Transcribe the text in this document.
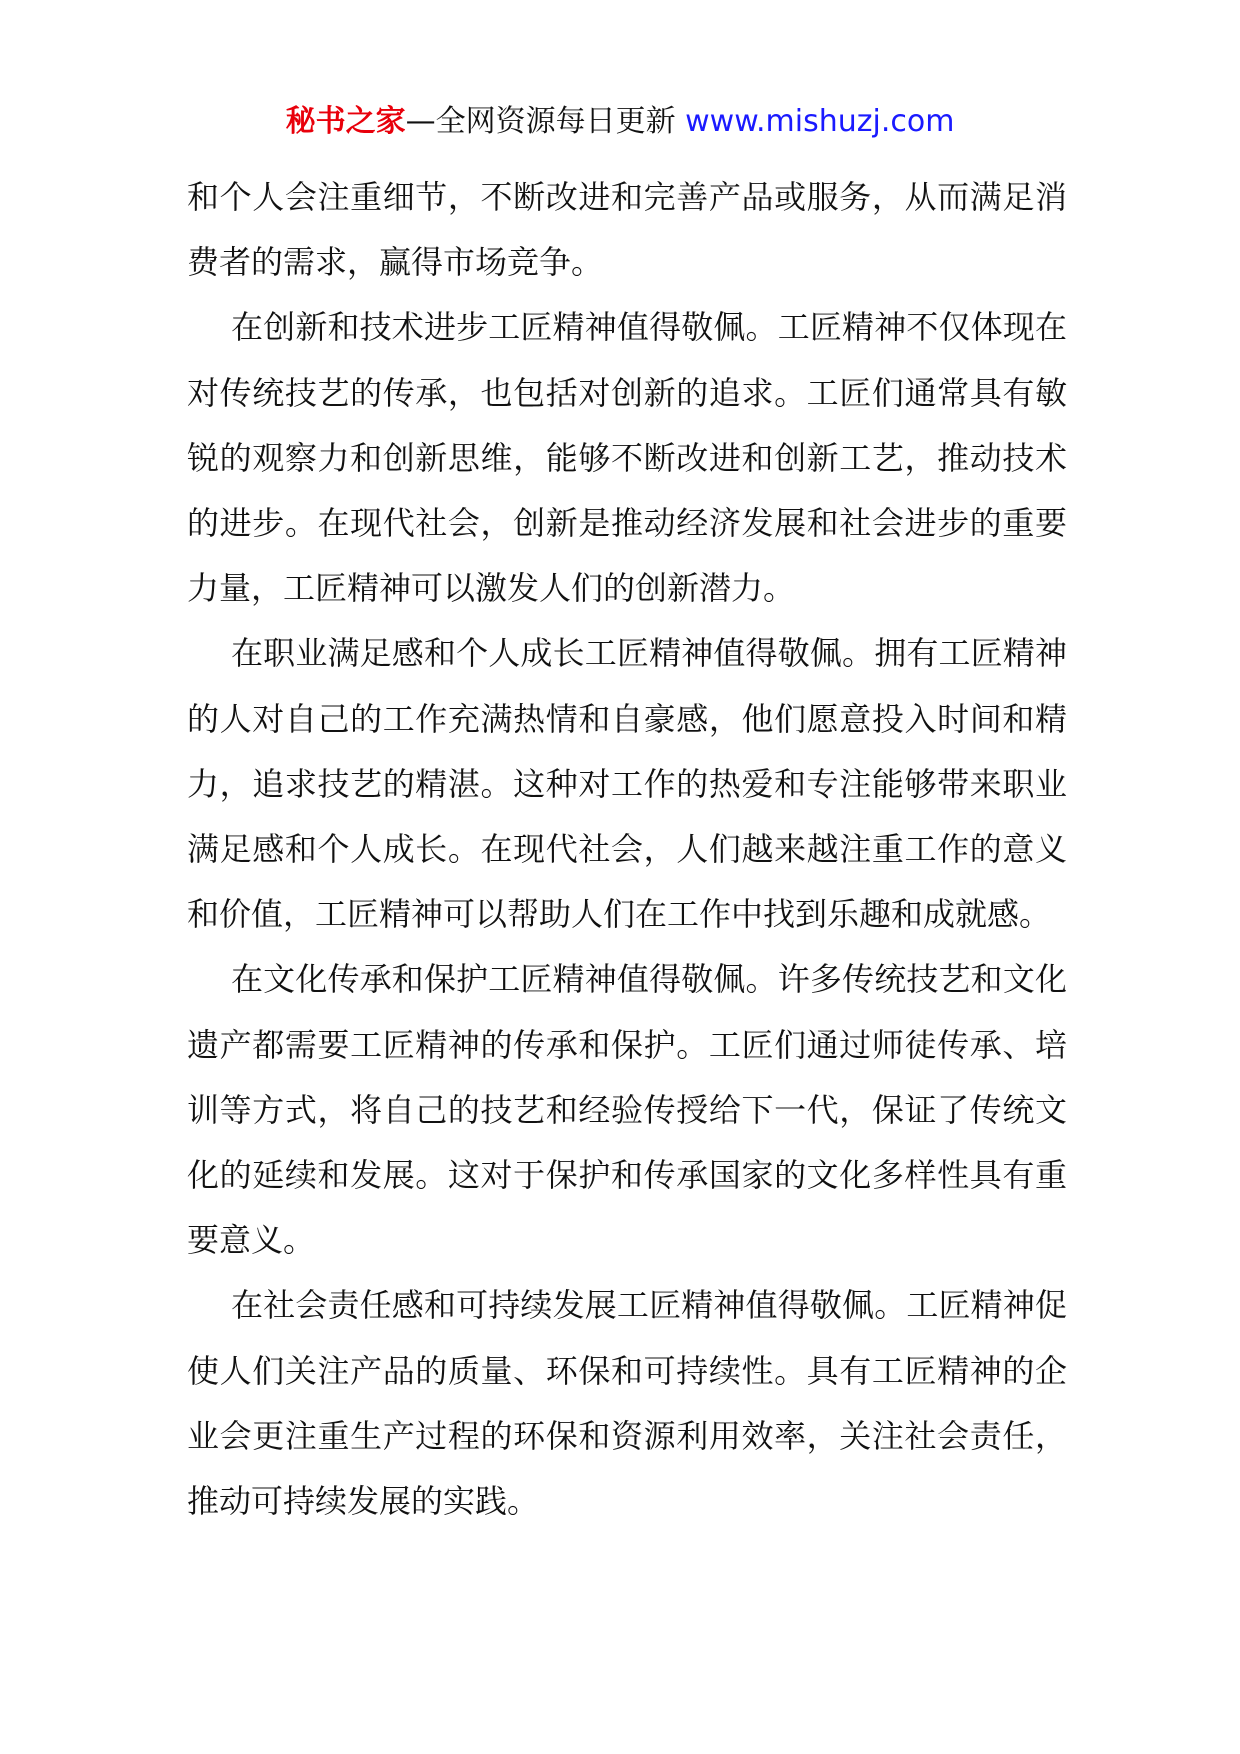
秘书之家—全网资源每日更新 www.mishuzj.com

和个人会注重细节，不断改进和完善产品或服务，从而满足消费者的需求，赢得市场竞争。

在创新和技术进步工匠精神值得敬佩。工匠精神不仅体现在对传统技艺的传承，也包括对创新的追求。工匠们通常具有敏锐的观察力和创新思维，能够不断改进和创新工艺，推动技术的进步。在现代社会，创新是推动经济发展和社会进步的重要力量，工匠精神可以激发人们的创新潜力。

在职业满足感和个人成长工匠精神值得敬佩。拥有工匠精神的人对自己的工作充满热情和自豪感，他们愿意投入时间和精力，追求技艺的精湛。这种对工作的热爱和专注能够带来职业满足感和个人成长。在现代社会，人们越来越注重工作的意义和价值，工匠精神可以帮助人们在工作中找到乐趣和成就感。

在文化传承和保护工匠精神值得敬佩。许多传统技艺和文化遗产都需要工匠精神的传承和保护。工匠们通过师徒传承、培训等方式，将自己的技艺和经验传授给下一代，保证了传统文化的延续和发展。这对于保护和传承国家的文化多样性具有重要意义。

在社会责任感和可持续发展工匠精神值得敬佩。工匠精神促使人们关注产品的质量、环保和可持续性。具有工匠精神的企业会更注重生产过程的环保和资源利用效率，关注社会责任，推动可持续发展的实践。
